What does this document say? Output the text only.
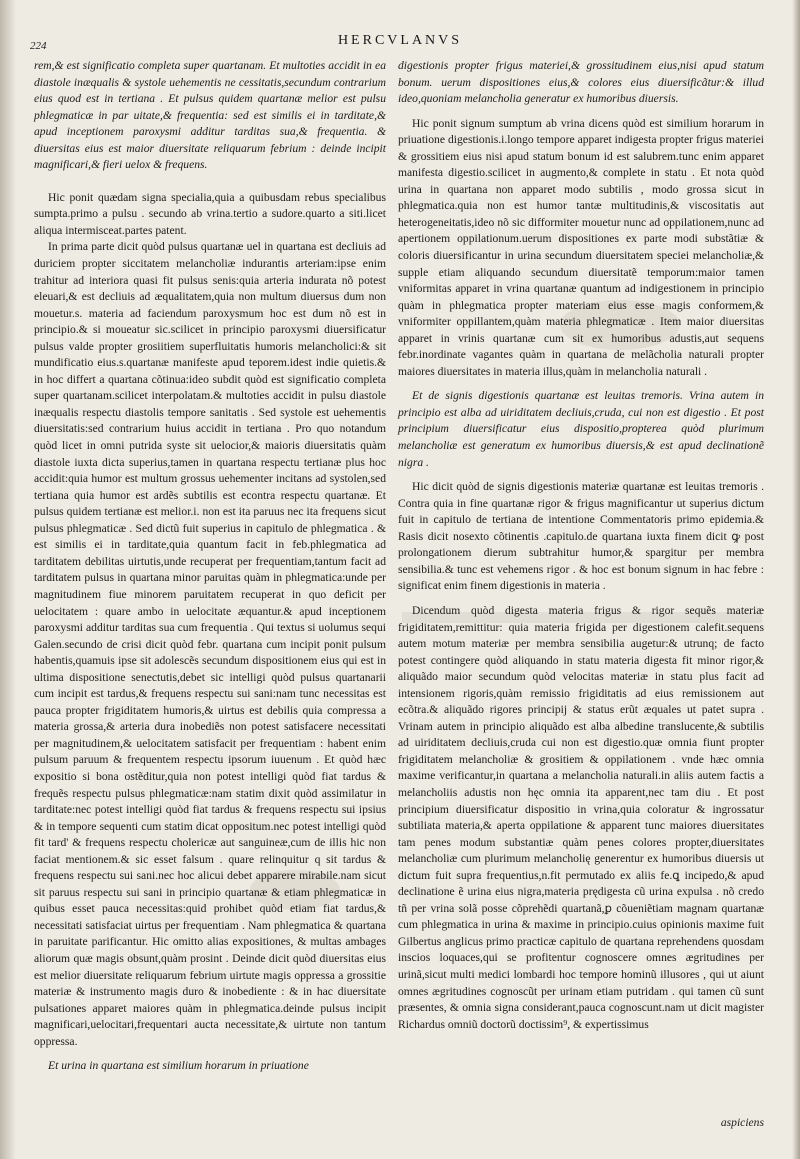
224	HERCVLANVS

rem,& est significatio completa super quartanam. Et multoties accidit in ea diastole inæqualis & systole uehementis ne cessitatis,secundum contrarium eius quod est in tertiana . Et pulsus quidem quartanæ melior est pulsu phlegmaticæ in par uitate,& frequentia: sed est similis ei in tarditate,& apud inceptionem paroxysmi additur tarditas sua,& frequentia. & diuersitas eius est maior diuersitate reliquarum febrium : deinde incipit magnificari,& fieri uelox & frequens.

Hic ponit quædam signa specialia,quia a quibusdam rebus specialibus sumpta.primo a pulsu . secundo ab vrina.tertio a sudore.quarto a siti.licet aliqua intermisceat.partes patent.

In prima parte dicit quòd pulsus quartanæ uel in quartana est decliuis ad duriciem propter siccitatem melancholiæ indurantis arteriam:ipse enim trahitur ad interiora quasi fit pulsus senis:quia arteria indurata nõ potest eleuari,& est decliuis ad æqualitatem,quia non multum diuersus dum non mouetur.s. materia ad faciendum paroxysmum hoc est dum nõ est in principio.& si moueatur sic.scilicet in principio paroxysmi diuersificatur pulsus valde propter grosiitiem superfluitatis humoris melancholici:& sit mundificatio eius.s.quartanæ manifeste apud teporem.idest indie quietis.& in hoc differt a quartana cõtinua:ideo subdit quòd est significatio completa super quartanam.scilicet interpolatam.& multoties accidit in pulsu diastole inæqualis respectu diastolis tempore sanitatis . Sed systole est uehementis diuersitatis:sed contrarium huius accidit in tertiana . Pro quo notandum quòd licet in omni putrida syste sit uelocior,& maioris diuersitatis quàm diastole iuxta dicta superius,tamen in quartana respectu tertianæ plus hoc accidit:quia humor est multum grossus uehementer incitans ad systolen,sed tertiana quia humor est ardẽs subtilis est econtra respectu quartanæ. Et pulsus quidem tertianæ est melior.i. non est ita paruus nec ita frequens sicut pulsus phlegmaticæ . Sed dictũ fuit superius in capitulo de phlegmatica . & est similis ei in tarditate,quia quantum facit in feb.phlegmatica ad tarditatem debilitas uirtutis,unde recuperat per frequentiam,tantum facit ad tarditatem pulsus in quartana minor paruitas quàm in phlegmatica:unde per magnitudinem fiue minorem paruitatem recuperat in quo deficit per uelocitatem : quare ambo in uelocitate æquantur.& apud inceptionem paroxysmi additur tarditas sua cum frequentia . Qui textus si uolumus sequi Galen.secundo de crisi dicit quòd febr. quartana cum incipit ponit pulsum habentis,quamuis ipse sit adolescẽs secundum dispositionem eius qui est in ultima dispositione senectutis,debet sic intelligi quòd pulsus quartanarii cum incipit est tardus,& frequens respectu sui sani:nam tunc necessitas est pauca propter frigiditatem humoris,& uirtus est debilis quia compressa a materia grossa,& arteria dura inobediẽs non potest satisfacere necessitati per magnitudinem,& uelocitatem satisfacit per frequentiam : habent enim pulsum paruum & frequentem respectu ipsorum iuuenum . Et quòd hæc expositio si bona ostẽditur,quia non potest intelligi quòd fiat tardus & frequẽs respectu pulsus phlegmaticæ:nam statim dixit quòd assimilatur in tarditate:nec potest intelligi quòd fiat tardus & frequens respectu sui ipsius & in tempore sequenti cum statim dicat oppositum.nec potest intelligi quòd fit tard' & frequens respectu cholericæ aut sanguineæ,cum de illis hic non faciat mentionem.& sic esset falsum . quare relinquitur q sit tardus & frequens respectu sui sani.nec hoc alicui debet apparere mirabile.nam sicut sit paruus respectu sui sani in principio quartanæ & etiam phlegmaticæ in quibus esset pauca necessitas:quid prohibet quòd etiam fiat tardus,& necessitati satisfaciat uirtus per frequentiam . Nam phlegmatica & quartana in paruitate parificantur. Hic omitto alias expositiones, & multas ambages aliorum quæ magis obsunt,quàm prosint . Deinde dicit quòd diuersitas eius est melior diuersitate reliquarum febrium uirtute magis oppressa a grossitie materiæ & instrumento magis duro & inobediente : & in hac diuersitate pulsationes apparet maiores quàm in phlegmatica.deinde pulsus incipit magnificari,uelocitari,frequentari aucta necessitate,& uirtute non tantum oppressa.

Et urina in quartana est similium horarum in priuatione

digestionis propter frigus materiei,& grossitudinem eius,nisi apud statum bonum. uerum dispositiones eius,& colores eius diuersificãtur:& illud ideo,quoniam melancholia generatur ex humoribus diuersis.

Hic ponit signum sumptum ab vrina dicens quòd est similium horarum in priuatione digestionis.i.longo tempore apparet indigesta propter frigus materiei & grossitiem eius nisi apud statum bonum id est salubrem.tunc enim apparet manifesta digestio.scilicet in augmento,& complete in statu . Et nota quòd urina in quartana non apparet modo subtilis , modo grossa sicut in phlegmatica.quia non est humor tantæ multitudinis,& viscositatis aut heterogeneitatis,ideo nõ sic difformiter mouetur nunc ad oppilationem,nunc ad apertionem oppilationum.uerum dispositiones ex parte modi substãtiæ & coloris diuersificantur in urina secundum diuersitatem speciei melancholiæ,& supple etiam aliquando secundum diuersitatẽ temporum:maior tamen vniformitas apparet in vrina quartanæ quantum ad indigestionem in principio quàm in phlegmatica propter materiam eius esse magis conformem,& vniformiter oppillantem,quàm materia phlegmaticæ . Item maior diuersitas apparet in vrinis quartanæ cum sit ex humoribus adustis,aut sequens febr.inordinate vagantes quàm in quartana de melãcholia naturali propter maiores diuersitates in materia illus,quàm in melancholia naturali .

Et de signis digestionis quartanæ est leuitas tremoris. Vrina autem in principio est alba ad uiriditatem decliuis,cruda, cui non est digestio . Et post principium diuersificatur eius dispositio,propterea quòd plurimum melancholiæ est generatum ex humoribus diuersis,& est apud declinationẽ nigra .

Hic dicit quòd de signis digestionis materiæ quartanæ est leuitas tremoris . Contra quia in fine quartanæ rigor & frigus magnificantur ut superius dictum fuit in capitulo de tertiana de intentione Commentatoris primo epidemia.& Rasis dicit nosexto cõtinentis .capitulo.de quartana iuxta finem dicit ꝙ post prolongationem dierum subtrahitur humor,& spargitur per membra sensibilia.& tunc est vehemens rigor . & hoc est bonum signum in hac febre : significat enim finem digestionis in materia .

Dicendum quòd digesta materia frigus & rigor sequẽs materiæ frigiditatem,remittitur: quia materia frigida per digestionem calefit.sequens autem motum materiæ per membra sensibilia augetur:& utrunq; de facto potest contingere quòd aliquando in statu materia digesta fit minor rigor,& aliquãdo maior secundum quòd velocitas materiæ in statu plus facit ad intensionem rigoris,quàm remissio frigiditatis ad eius remissionem aut ecõtra.& aliquãdo rigores principij & status erũt æquales ut patet supra . Vrinam autem in principio aliquãdo est alba albedine translucente,& subtilis ad uiriditatem decliuis,cruda cui non est digestio.quæ omnia fiunt propter frigiditatem melancholiæ & grositiem & oppilationem . vnde hæc omnia maxime verificantur,in quartana a melancholia naturali.in aliis autem factis a melancholiis adustis non hęc omnia ita apparent,nec tam diu . Et post principium diuersificatur dispositio in vrina,quia coloratur & ingrossatur subtiliata materia,& aperta oppilatione & apparent tunc maiores diuersitates tam penes modum substantiæ quàm penes colores propter,diuersitates melancholiæ cum plurimum melancholię generentur ex humoribus diuersis ut dictum fuit supra frequentius,n.fit permutado ex aliis fe.ꝗ incipedo,& apud declinatione ẽ urina eius nigra,materia prędigesta cũ urina expulsa . nõ credo tñ per vrina solã posse cõprehẽdi quartanã,ꝑ cõueniẽtiam magnam quartanæ cum phlegmatica in urina & maxime in principio.cuius opinionis maxime fuit Gilbertus anglicus primo practicæ capitulo de quartana reprehendens quosdam inscios loquaces,qui se profitentur cognoscere omnes ægritudines per urinã,sicut multi medici lombardi hoc tempore hominũ illusores , qui ut aiunt omnes ægritudines cognoscũt per urinam etiam putridam . qui tamen cũ sunt præsentes, & omnia signa considerant,pauca cognoscunt.nam ut dicit magister Richardus omniũ doctorũ doctissim⁹, & expertissimus

aspiciens
